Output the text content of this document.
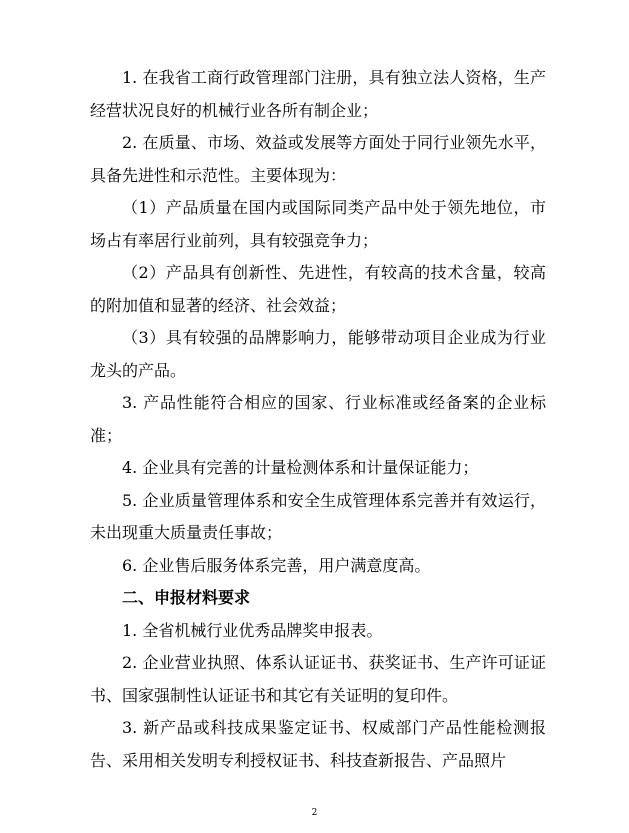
1. 在我省工商行政管理部门注册，具有独立法人资格，生产经营状况良好的机械行业各所有制企业；

2. 在质量、市场、效益或发展等方面处于同行业领先水平，具备先进性和示范性。主要体现为：

（1）产品质量在国内或国际同类产品中处于领先地位，市场占有率居行业前列，具有较强竞争力；

（2）产品具有创新性、先进性，有较高的技术含量，较高的附加值和显著的经济、社会效益；

（3）具有较强的品牌影响力，能够带动项目企业成为行业龙头的产品。

3. 产品性能符合相应的国家、行业标准或经备案的企业标准；

4. 企业具有完善的计量检测体系和计量保证能力；

5. 企业质量管理体系和安全生成管理体系完善并有效运行，未出现重大质量责任事故；

6. 企业售后服务体系完善，用户满意度高。

二、申报材料要求

1. 全省机械行业优秀品牌奖申报表。

2. 企业营业执照、体系认证证书、获奖证书、生产许可证证书、国家强制性认证证书和其它有关证明的复印件。

3. 新产品或科技成果鉴定证书、权威部门产品性能检测报告、采用相关发明专利授权证书、科技查新报告、产品照片

2
